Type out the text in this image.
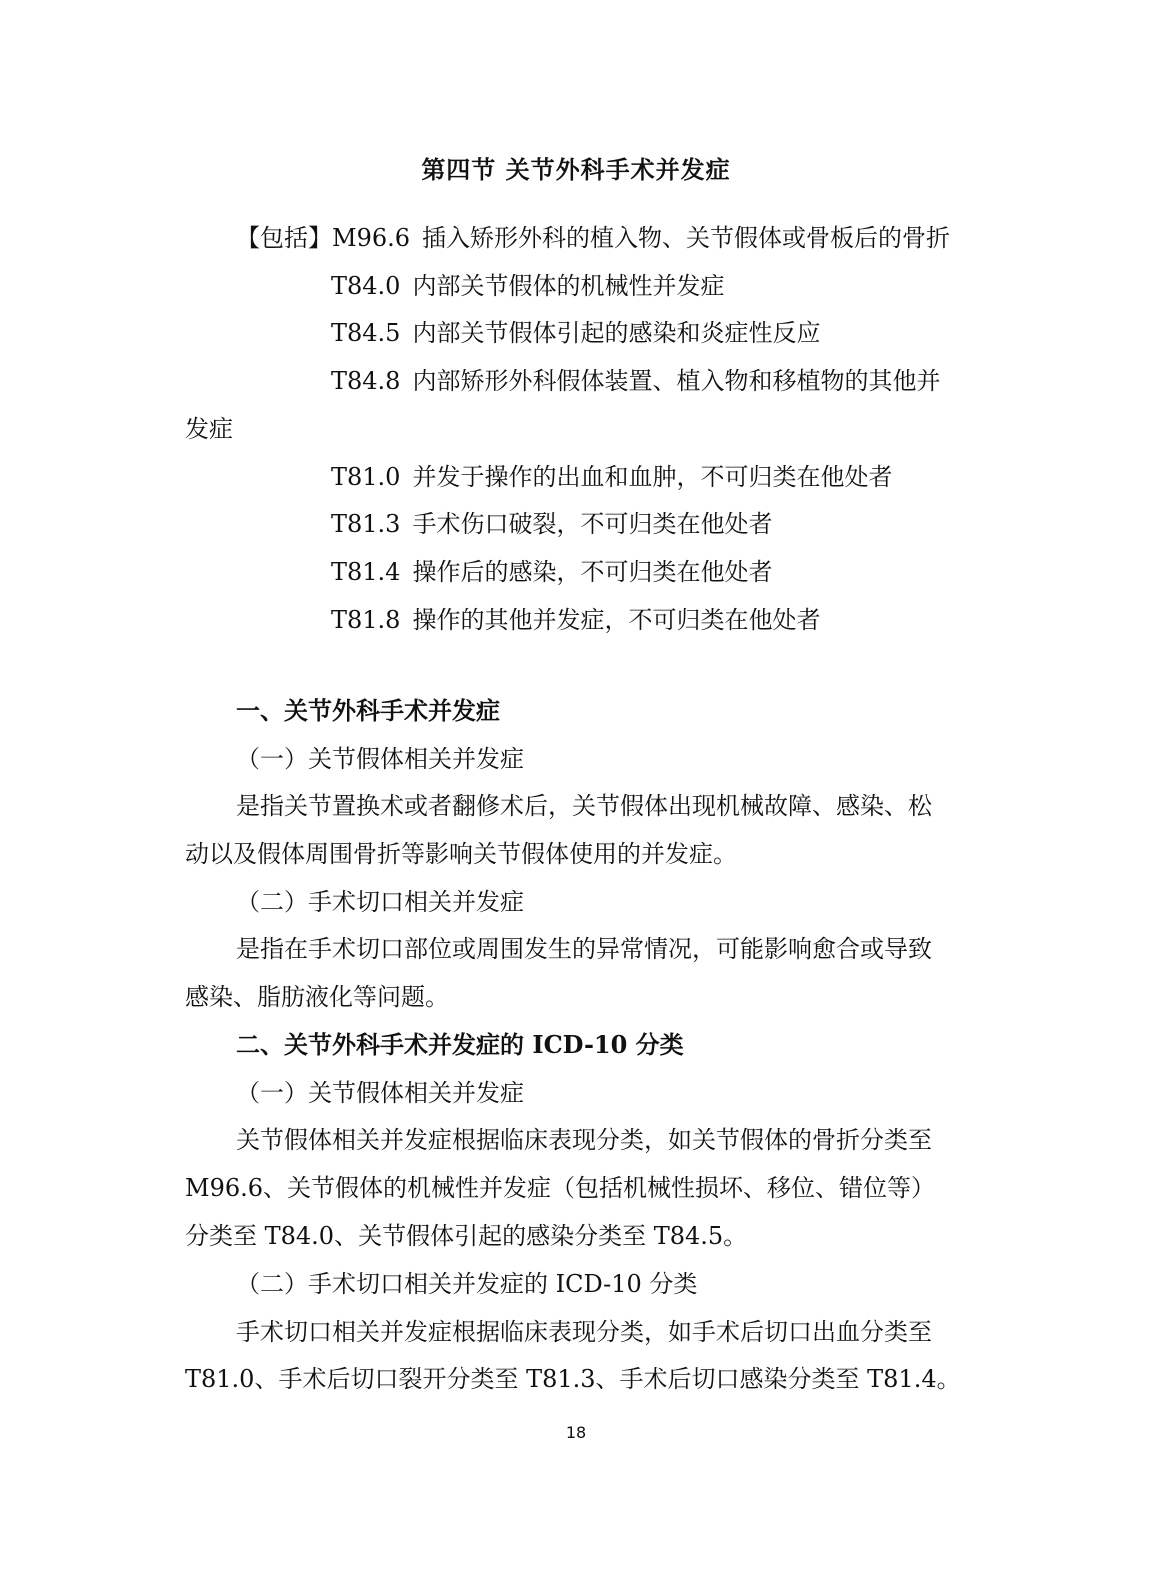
第四节 关节外科手术并发症
【包括】M96.6 插入矫形外科的植入物、关节假体或骨板后的骨折
T84.0 内部关节假体的机械性并发症
T84.5 内部关节假体引起的感染和炎症性反应
T84.8 内部矫形外科假体装置、植入物和移植物的其他并
发症
T81.0 并发于操作的出血和血肿，不可归类在他处者
T81.3 手术伤口破裂，不可归类在他处者
T81.4 操作后的感染，不可归类在他处者
T81.8 操作的其他并发症，不可归类在他处者
一、关节外科手术并发症
（一）关节假体相关并发症
是指关节置换术或者翻修术后，关节假体出现机械故障、感染、松
动以及假体周围骨折等影响关节假体使用的并发症。
（二）手术切口相关并发症
是指在手术切口部位或周围发生的异常情况，可能影响愈合或导致
感染、脂肪液化等问题。
二、关节外科手术并发症的 ICD-10 分类
（一）关节假体相关并发症
关节假体相关并发症根据临床表现分类，如关节假体的骨折分类至
M96.6、关节假体的机械性并发症（包括机械性损坏、移位、错位等）
分类至 T84.0、关节假体引起的感染分类至 T84.5。
（二）手术切口相关并发症的 ICD-10 分类
手术切口相关并发症根据临床表现分类，如手术后切口出血分类至
T81.0、手术后切口裂开分类至 T81.3、手术后切口感染分类至 T81.4。
18
